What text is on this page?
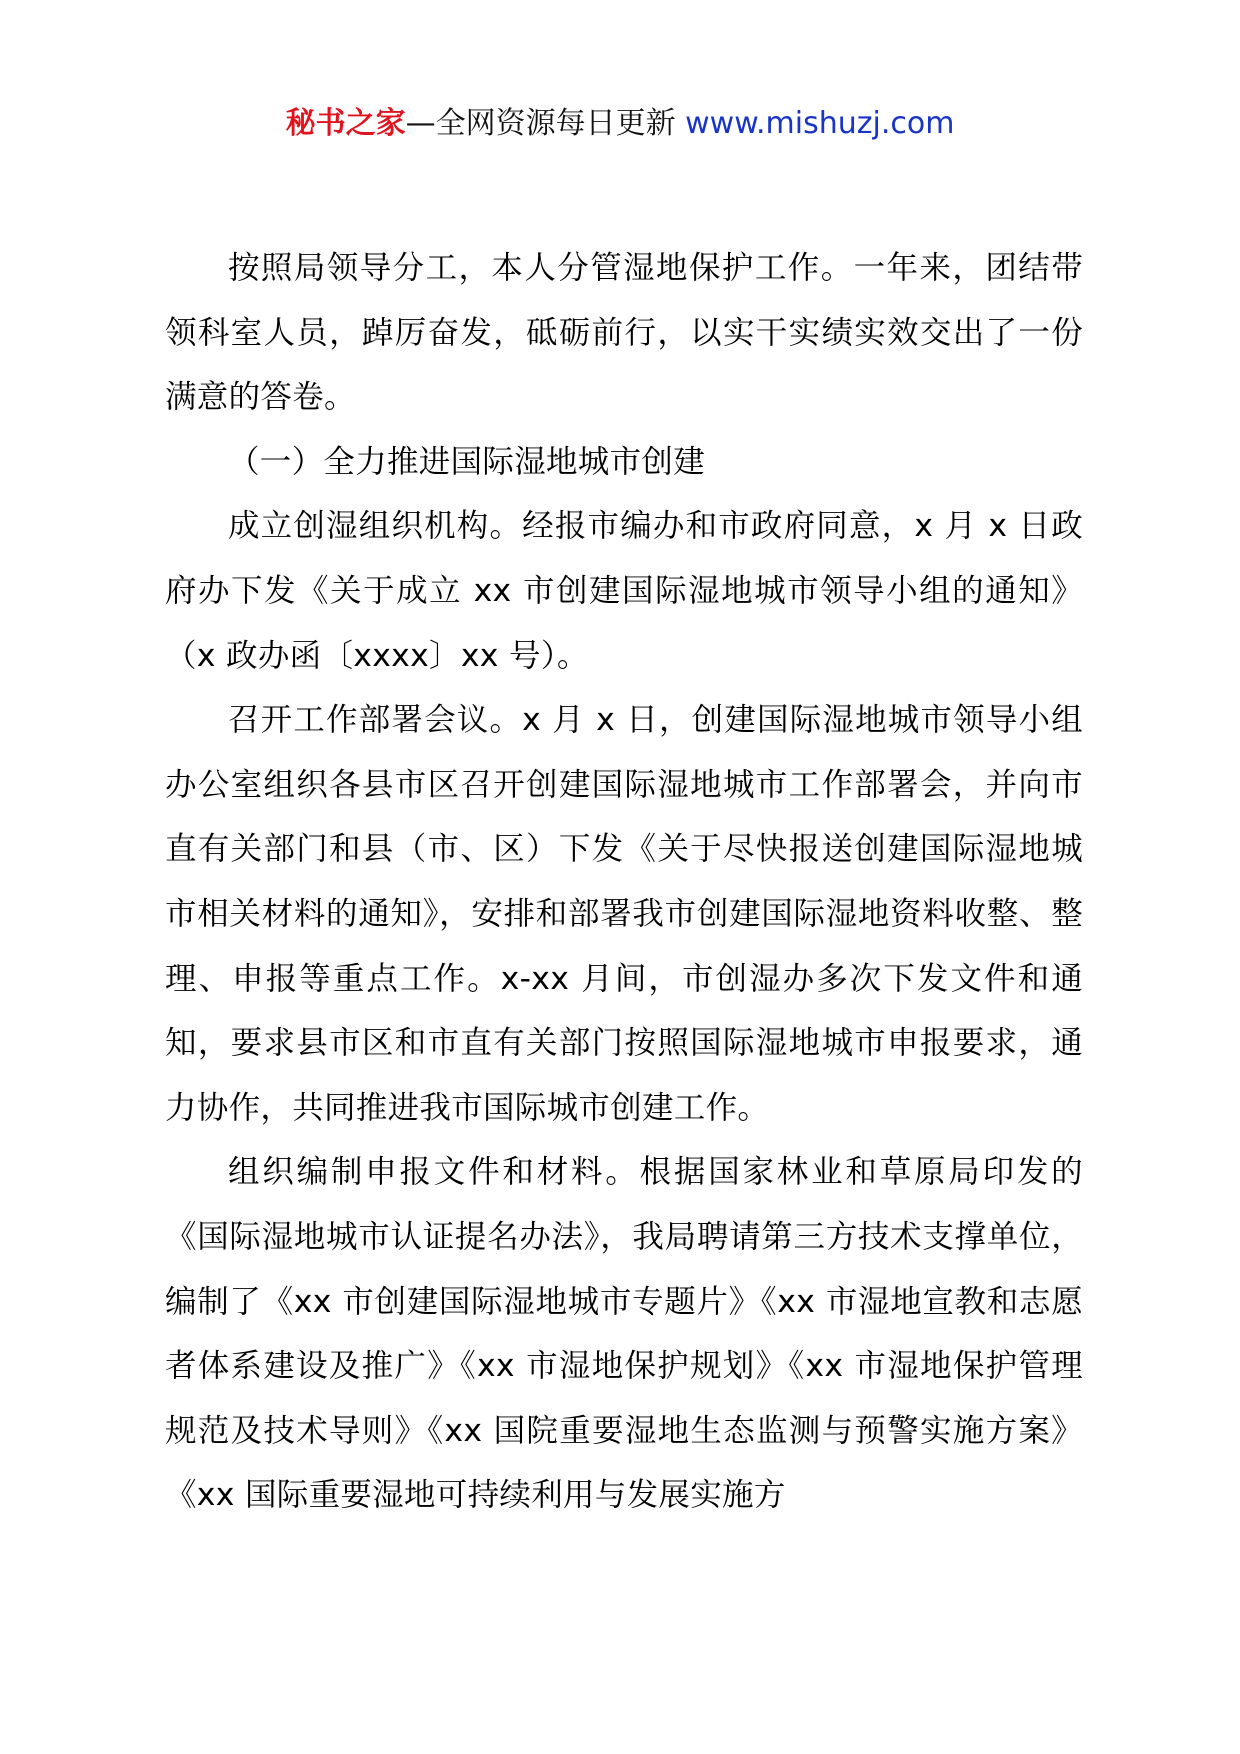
秘书之家—全网资源每日更新 www.mishuzj.com

按照局领导分工，本人分管湿地保护工作。一年来，团结带领科室人员，踔厉奋发，砥砺前行，以实干实绩实效交出了一份满意的答卷。

（一）全力推进国际湿地城市创建

成立创湿组织机构。经报市编办和市政府同意，x 月 x 日政府办下发《关于成立 xx 市创建国际湿地城市领导小组的通知》（x 政办函〔xxxx〕xx 号）。

召开工作部署会议。x 月 x 日，创建国际湿地城市领导小组办公室组织各县市区召开创建国际湿地城市工作部署会，并向市直有关部门和县（市、区）下发《关于尽快报送创建国际湿地城市相关材料的通知》，安排和部署我市创建国际湿地资料收整、整理、申报等重点工作。x-xx 月间，市创湿办多次下发文件和通知，要求县市区和市直有关部门按照国际湿地城市申报要求，通力协作，共同推进我市国际城市创建工作。

组织编制申报文件和材料。根据国家林业和草原局印发的《国际湿地城市认证提名办法》，我局聘请第三方技术支撑单位，编制了《xx 市创建国际湿地城市专题片》《xx 市湿地宣教和志愿者体系建设及推广》《xx 市湿地保护规划》《xx 市湿地保护管理规范及技术导则》《xx 国院重要湿地生态监测与预警实施方案》《xx 国际重要湿地可持续利用与发展实施方
